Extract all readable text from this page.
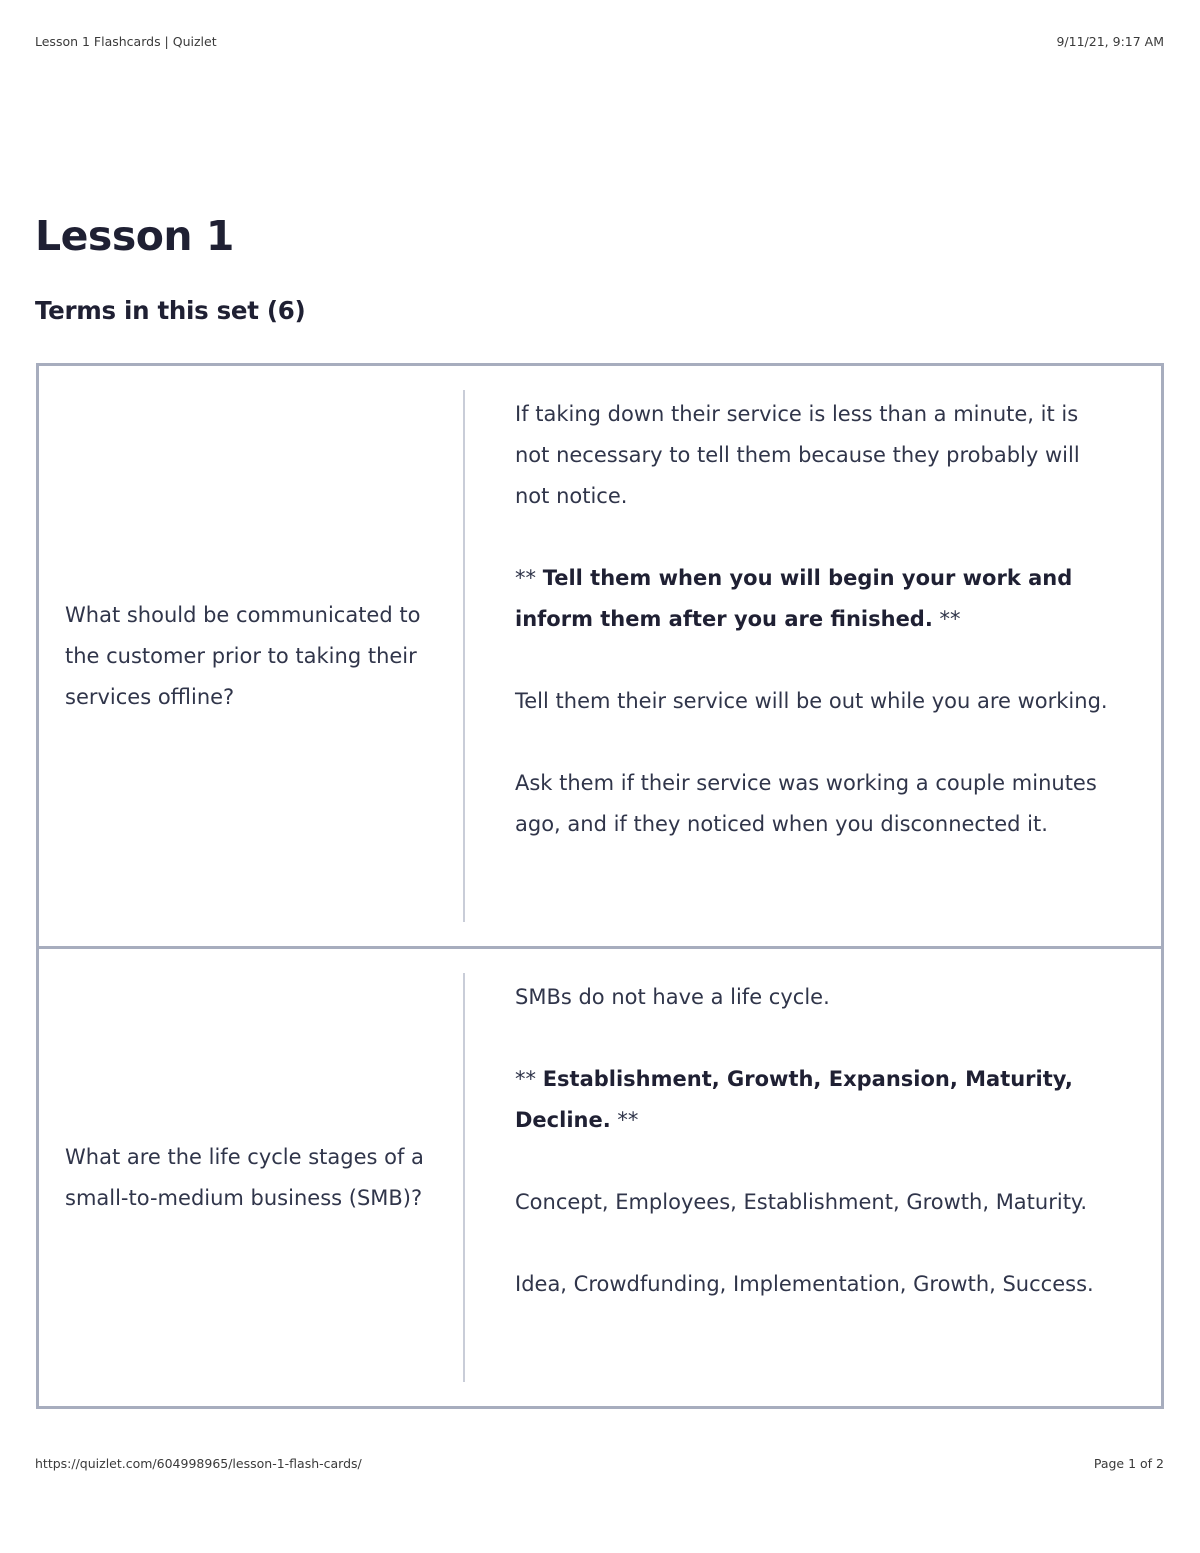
Lesson 1 Flashcards | Quizlet	9/11/21, 9:17 AM
Lesson 1
Terms in this set (6)
What should be communicated to the customer prior to taking their services offline?

If taking down their service is less than a minute, it is not necessary to tell them because they probably will not notice.

** Tell them when you will begin your work and inform them after you are finished. **

Tell them their service will be out while you are working.

Ask them if their service was working a couple minutes ago, and if they noticed when you disconnected it.

What are the life cycle stages of a small-to-medium business (SMB)?

SMBs do not have a life cycle.

** Establishment, Growth, Expansion, Maturity, Decline. **

Concept, Employees, Establishment, Growth, Maturity.

Idea, Crowdfunding, Implementation, Growth, Success.

https://quizlet.com/604998965/lesson-1-flash-cards/	Page 1 of 2
